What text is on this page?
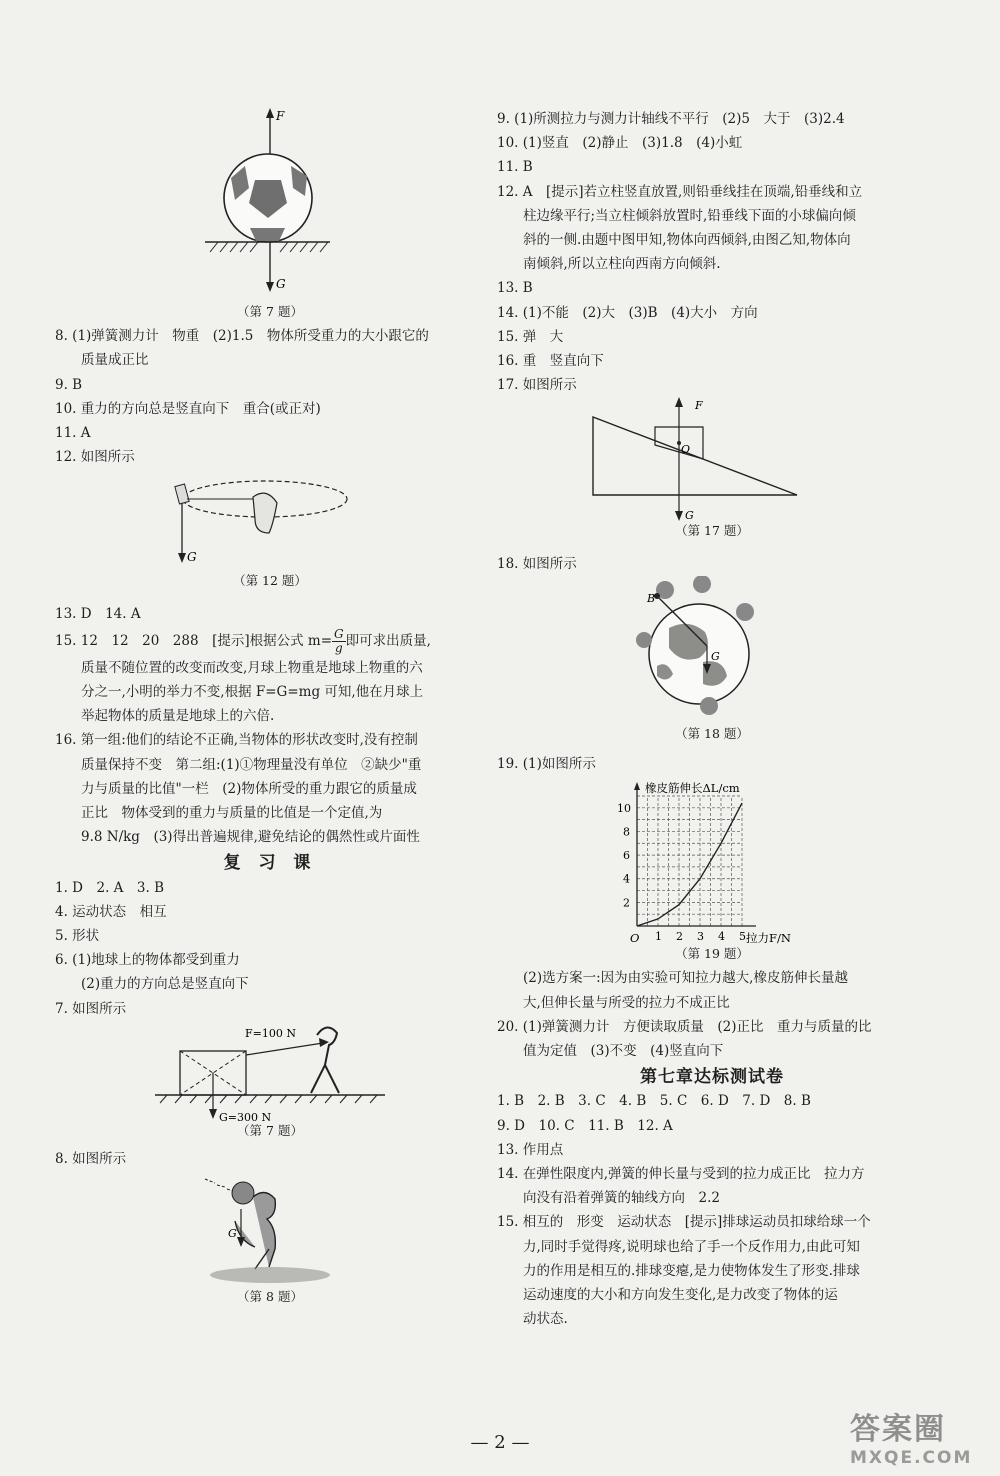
F
G
（第 7 题）
8. (1)弹簧测力计　物重　(2)1.5　物体所受重力的大小跟它的
质量成正比
9. B
10. 重力的方向总是竖直向下　重合(或正对)
11. A
12. 如图所示
G
（第 12 题）
13. D　14. A
15. 12　12　20　288　[提示]根据公式 $m= \frac{G}{g}$ 即可求出质量,
质量不随位置的改变而改变,月球上物重是地球上物重的六
分之一,小明的举力不变,根据 F=G=mg 可知,他在月球上
举起物体的质量是地球上的六倍.
16. 第一组:他们的结论不正确,当物体的形状改变时,没有控制
质量保持不变　第二组:(1)①物理量没有单位　②缺少"重
力与质量的比值"一栏　(2)物体所受的重力跟它的质量成
正比　物体受到的重力与质量的比值是一个定值,为
9.8 N/kg　(3)得出普遍规律,避免结论的偶然性或片面性
复 习 课
1. D　2. A　3. B
4. 运动状态　相互
5. 形状
6. (1)地球上的物体都受到重力
(2)重力的方向总是竖直向下
7. 如图所示
F=100 N
G=300 N
（第 7 题）
8. 如图所示
G
（第 8 题）
9. (1)所测拉力与测力计轴线不平行　(2)5　大于　(3)2.4
10. (1)竖直　(2)静止　(3)1.8　(4)小虹
11. B
12. A　[提示]若立柱竖直放置,则铅垂线挂在顶端,铅垂线和立
柱边缘平行;当立柱倾斜放置时,铅垂线下面的小球偏向倾
斜的一侧.由题中图甲知,物体向西倾斜,由图乙知,物体向
南倾斜,所以立柱向西南方向倾斜.
13. B
14. (1)不能　(2)大　(3)B　(4)大小　方向
15. 弹　大
16. 重　竖直向下
17. 如图所示
F
O
G
（第 17 题）
18. 如图所示
B
G
（第 18 题）
19. (1)如图所示
1 2 3 4 5
2
4
6
8
10
橡皮筋伸长ΔL/cm
拉力F/N
O
（第 19 题）
(2)选方案一:因为由实验可知拉力越大,橡皮筋伸长量越
大,但伸长量与所受的拉力不成正比
20. (1)弹簧测力计　方便读取质量　(2)正比　重力与质量的比
值为定值　(3)不变　(4)竖直向下
第七章达标测试卷
1. B　2. B　3. C　4. B　5. C　6. D　7. D　8. B
9. D　10. C　11. B　12. A
13. 作用点
14. 在弹性限度内,弹簧的伸长量与受到的拉力成正比　拉力方
向没有沿着弹簧的轴线方向　2.2
15. 相互的　形变　运动状态　[提示]排球运动员扣球给球一个
力,同时手觉得疼,说明球也给了手一个反作用力,由此可知
力的作用是相互的.排球变瘪,是力使物体发生了形变.排球
运动速度的大小和方向发生变化,是力改变了物体的运
动状态.
— 2 —	答案圈
MXQE.COM
